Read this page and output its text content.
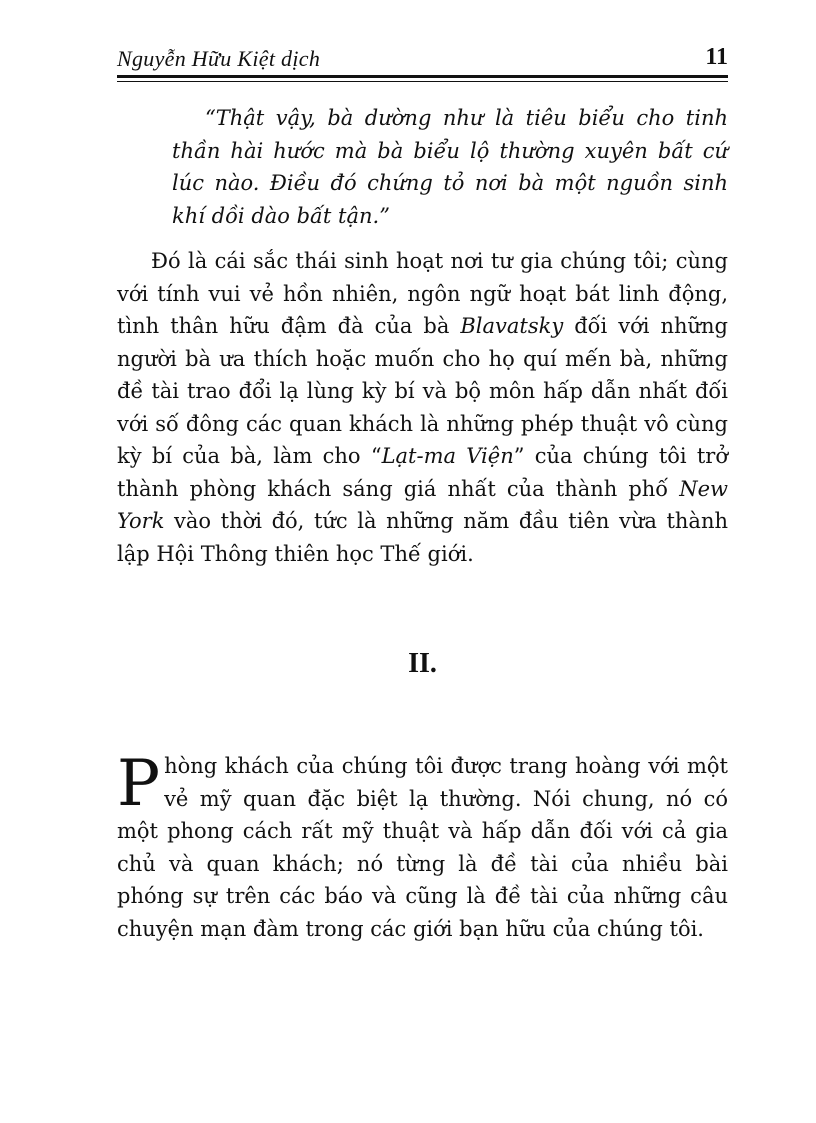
Nguyễn Hữu Kiệt dịch	11

“Thật vậy, bà dường như là tiêu biểu cho tinh thần hài hước mà bà biểu lộ thường xuyên bất cứ lúc nào. Điều đó chứng tỏ nơi bà một nguồn sinh khí dồi dào bất tận.”

Đó là cái sắc thái sinh hoạt nơi tư gia chúng tôi; cùng với tính vui vẻ hồn nhiên, ngôn ngữ hoạt bát linh động, tình thân hữu đậm đà của bà Blavatsky đối với những người bà ưa thích hoặc muốn cho họ quí mến bà, những đề tài trao đổi lạ lùng kỳ bí và bộ môn hấp dẫn nhất đối với số đông các quan khách là những phép thuật vô cùng kỳ bí của bà, làm cho “Lạt-ma Viện” của chúng tôi trở thành phòng khách sáng giá nhất của thành phố New York vào thời đó, tức là những năm đầu tiên vừa thành lập Hội Thông thiên học Thế giới.

II.

Phòng khách của chúng tôi được trang hoàng với một vẻ mỹ quan đặc biệt lạ thường. Nói chung, nó có một phong cách rất mỹ thuật và hấp dẫn đối với cả gia chủ và quan khách; nó từng là đề tài của nhiều bài phóng sự trên các báo và cũng là đề tài của những câu chuyện mạn đàm trong các giới bạn hữu của chúng tôi.
